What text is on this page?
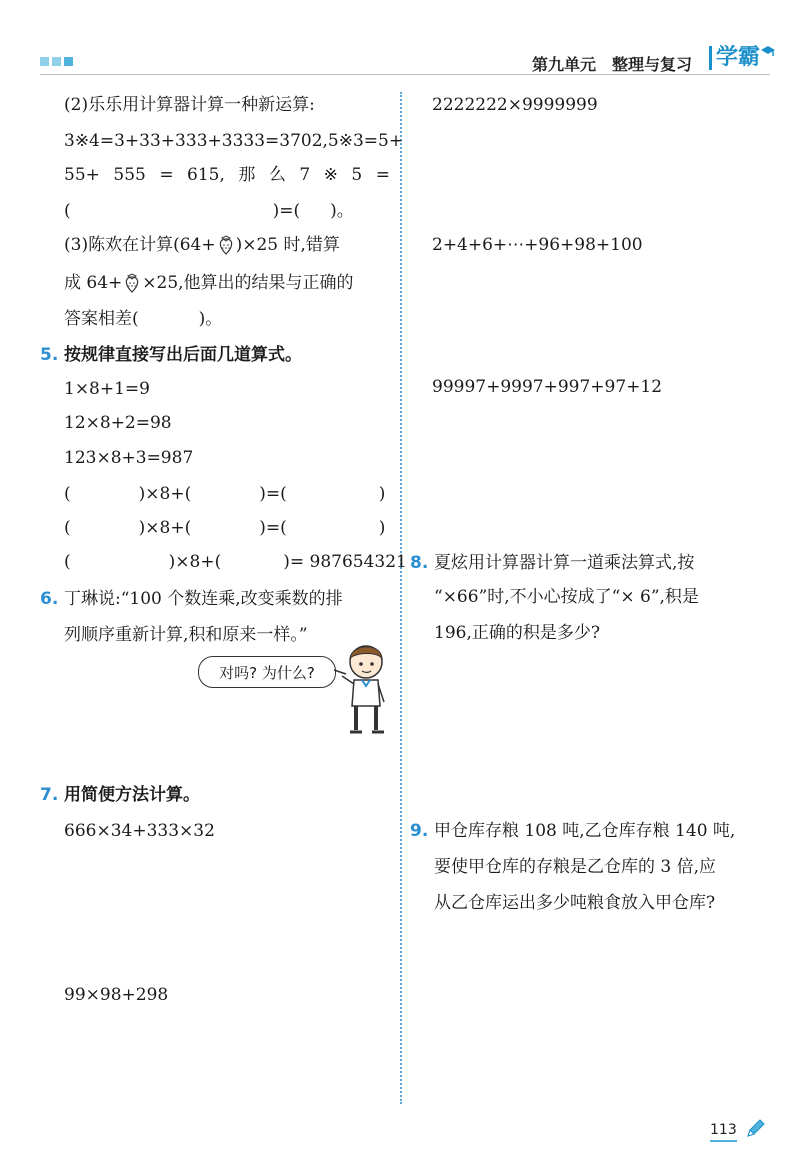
第九单元　整理与复习	学霸
(2)乐乐用计算器计算一种新运算:
3※4=3+33+333+3333=3702,5※3=5+
55+ 555 = 615, 那 么 7 ※ 5 =
(	)=( )。
(3)陈欢在计算(64+ )×25 时,错算
成 64+ ×25,他算出的结果与正确的
答案相差(	)。
5. 按规律直接写出后面几道算式。
1×8+1=9
12×8+2=98
123×8+3=987
(	)×8+(	)=(	)
(	)×8+(	)=(	)
(	)×8+(	)= 987654321
6. 丁琳说:“100 个数连乘,改变乘数的排
列顺序重新计算,积和原来一样。”
对吗? 为什么?
7. 用简便方法计算。
666×34+333×32
99×98+298
2222222×9999999
2+4+6+⋯+96+98+100
99997+9997+997+97+12
8. 夏炫用计算器计算一道乘法算式,按
“×66”时,不小心按成了“× 6”,积是
196,正确的积是多少?
9. 甲仓库存粮 108 吨,乙仓库存粮 140 吨,
要使甲仓库的存粮是乙仓库的 3 倍,应
从乙仓库运出多少吨粮食放入甲仓库?
113
